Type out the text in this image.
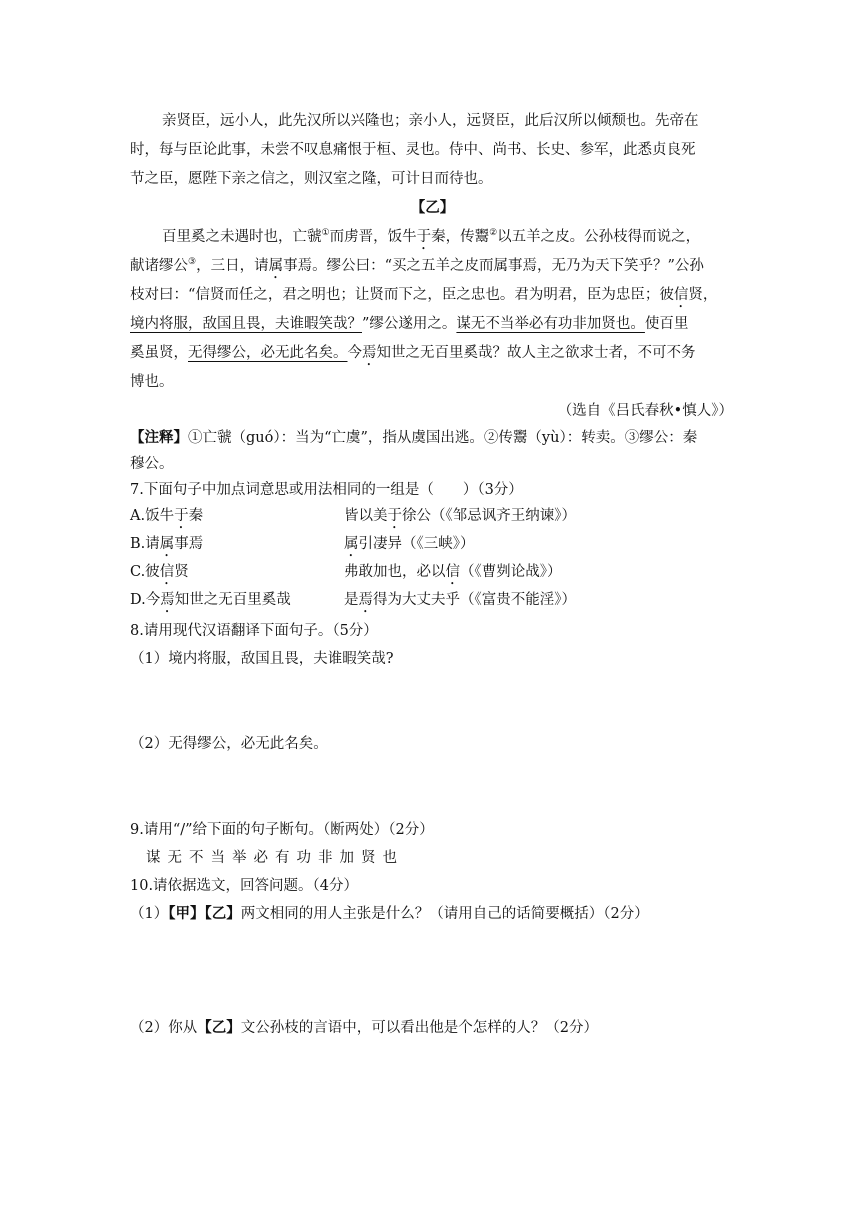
亲贤臣，远小人，此先汉所以兴隆也；亲小人，远贤臣，此后汉所以倾颓也。先帝在
时，每与臣论此事，未尝不叹息痛恨于桓、灵也。侍中、尚书、长史、参军，此悉贞良死
节之臣，愿陛下亲之信之，则汉室之隆，可计日而待也。
【乙】
百里奚之未遇时也，亡虢①而虏晋，饭牛于秦，传鬻②以五羊之皮。公孙枝得而说之，
献诸缪公③，三日，请属事焉。缪公曰：“买之五羊之皮而属事焉，无乃为天下笑乎？”公孙
枝对曰：“信贤而任之，君之明也；让贤而下之，臣之忠也。君为明君，臣为忠臣；彼信贤，
境内将服，敌国且畏，夫谁暇笑哉？”缪公遂用之。谋无不当举必有功非加贤也。使百里
奚虽贤，无得缪公，必无此名矣。今焉知世之无百里奚哉？故人主之欲求士者，不可不务
博也。
（选自《吕氏春秋•慎人》）
【注释】①亡虢（guó）：当为“亡虞”，指从虞国出逃。②传鬻（yù）：转卖。③缪公：秦
穆公。
7.下面句子中加点词意思或用法相同的一组是（　　）（3分）
A.饭牛于秦	皆以美于徐公（《邹忌讽齐王纳谏》）
B.请属事焉	属引凄异（《三峡》）
C.彼信贤	弗敢加也，必以信（《曹刿论战》）
D.今焉知世之无百里奚哉	是焉得为大丈夫乎（《富贵不能淫》）
8.请用现代汉语翻译下面句子。（5分）
（1）境内将服，敌国且畏，夫谁暇笑哉?
（2）无得缪公，必无此名矣。
9.请用“/”给下面的句子断句。（断两处）（2分）
谋无不当举必有功非加贤也
10.请依据选文，回答问题。（4分）
（1）【甲】【乙】两文相同的用人主张是什么？（请用自己的话简要概括）（2分）
（2）你从【乙】文公孙枝的言语中，可以看出他是个怎样的人？（2分）
